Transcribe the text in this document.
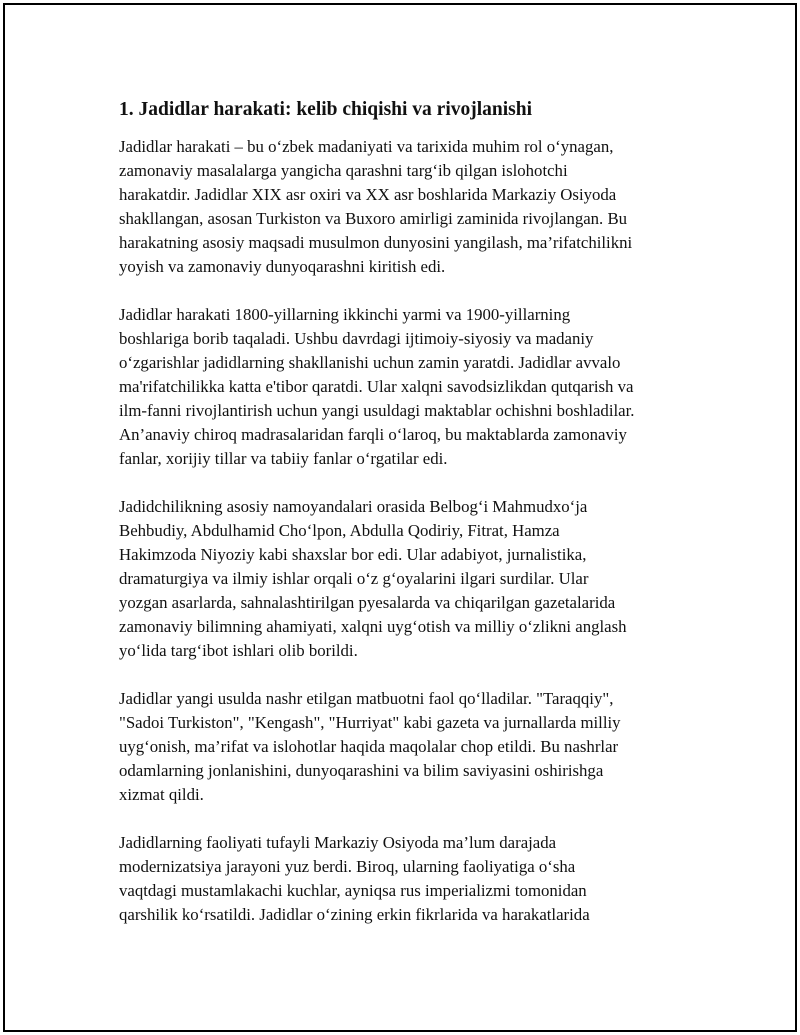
1. Jadidlar harakati: kelib chiqishi va rivojlanishi

Jadidlar harakati – bu o‘zbek madaniyati va tarixida muhim rol o‘ynagan,
zamonaviy masalalarga yangicha qarashni targ‘ib qilgan islohotchi
harakatdir. Jadidlar XIX asr oxiri va XX asr boshlarida Markaziy Osiyoda
shakllangan, asosan Turkiston va Buxoro amirligi zaminida rivojlangan. Bu
harakatning asosiy maqsadi musulmon dunyosini yangilash, ma’rifatchilikni
yoyish va zamonaviy dunyoqarashni kiritish edi.

Jadidlar harakati 1800-yillarning ikkinchi yarmi va 1900-yillarning
boshlariga borib taqaladi. Ushbu davrdagi ijtimoiy-siyosiy va madaniy
o‘zgarishlar jadidlarning shakllanishi uchun zamin yaratdi. Jadidlar avvalo
ma'rifatchilikka katta e'tibor qaratdi. Ular xalqni savodsizlikdan qutqarish va
ilm-fanni rivojlantirish uchun yangi usuldagi maktablar ochishni boshladilar.
An’anaviy chiroq madrasalaridan farqli o‘laroq, bu maktablarda zamonaviy
fanlar, xorijiy tillar va tabiiy fanlar o‘rgatilar edi.

Jadidchilikning asosiy namoyandalari orasida Belbog‘i Mahmudxo‘ja
Behbudiy, Abdulhamid Cho‘lpon, Abdulla Qodiriy, Fitrat, Hamza
Hakimzoda Niyoziy kabi shaxslar bor edi. Ular adabiyot, jurnalistika,
dramaturgiya va ilmiy ishlar orqali o‘z g‘oyalarini ilgari surdilar. Ular
yozgan asarlarda, sahnalashtirilgan pyesalarda va chiqarilgan gazetalarida
zamonaviy bilimning ahamiyati, xalqni uyg‘otish va milliy o‘zlikni anglash
yo‘lida targ‘ibot ishlari olib borildi.

Jadidlar yangi usulda nashr etilgan matbuotni faol qo‘lladilar. "Taraqqiy",
"Sadoi Turkiston", "Kengash", "Hurriyat" kabi gazeta va jurnallarda milliy
uyg‘onish, ma’rifat va islohotlar haqida maqolalar chop etildi. Bu nashrlar
odamlarning jonlanishini, dunyoqarashini va bilim saviyasini oshirishga
xizmat qildi.

Jadidlarning faoliyati tufayli Markaziy Osiyoda ma’lum darajada
modernizatsiya jarayoni yuz berdi. Biroq, ularning faoliyatiga o‘sha
vaqtdagi mustamlakachi kuchlar, ayniqsa rus imperializmi tomonidan
qarshilik ko‘rsatildi. Jadidlar o‘zining erkin fikrlarida va harakatlarida
